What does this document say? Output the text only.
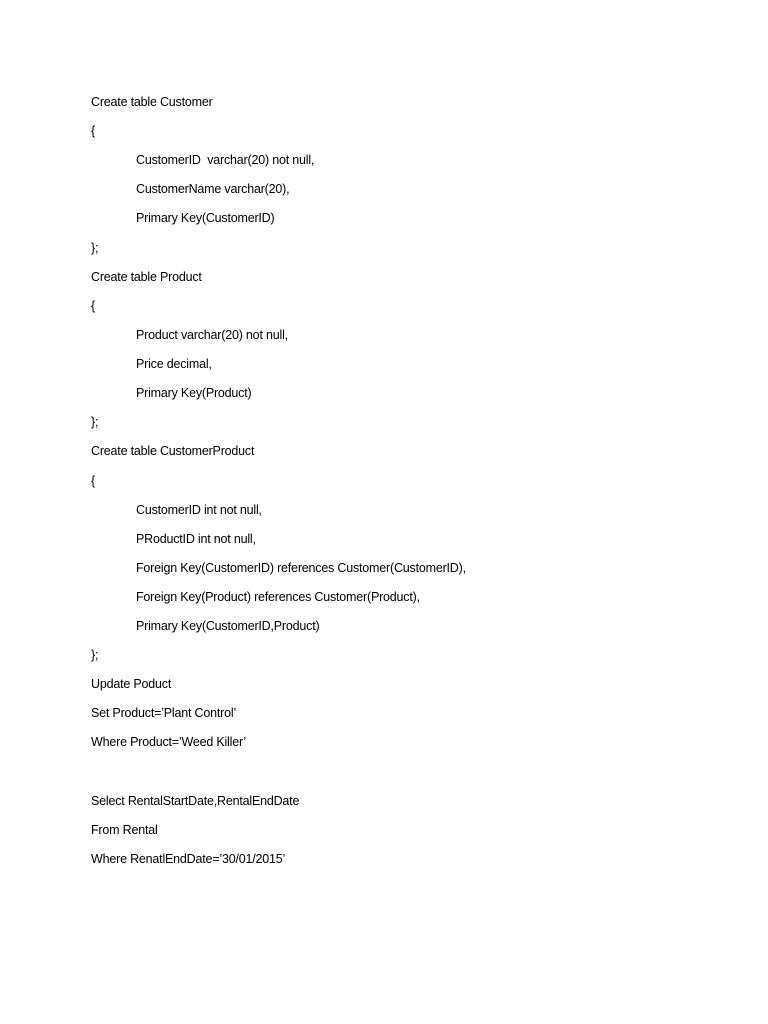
Create table Customer
{
CustomerID  varchar(20) not null,
CustomerName varchar(20),
Primary Key(CustomerID)
};
Create table Product
{
Product varchar(20) not null,
Price decimal,
Primary Key(Product)
};
Create table CustomerProduct
{
CustomerID int not null,
PRoductID int not null,
Foreign Key(CustomerID) references Customer(CustomerID),
Foreign Key(Product) references Customer(Product),
Primary Key(CustomerID,Product)
};
Update Poduct
Set Product=’Plant Control’
Where Product=’Weed Killer’
Select RentalStartDate,RentalEndDate
From Rental
Where RenatlEndDate=’30/01/2015’
